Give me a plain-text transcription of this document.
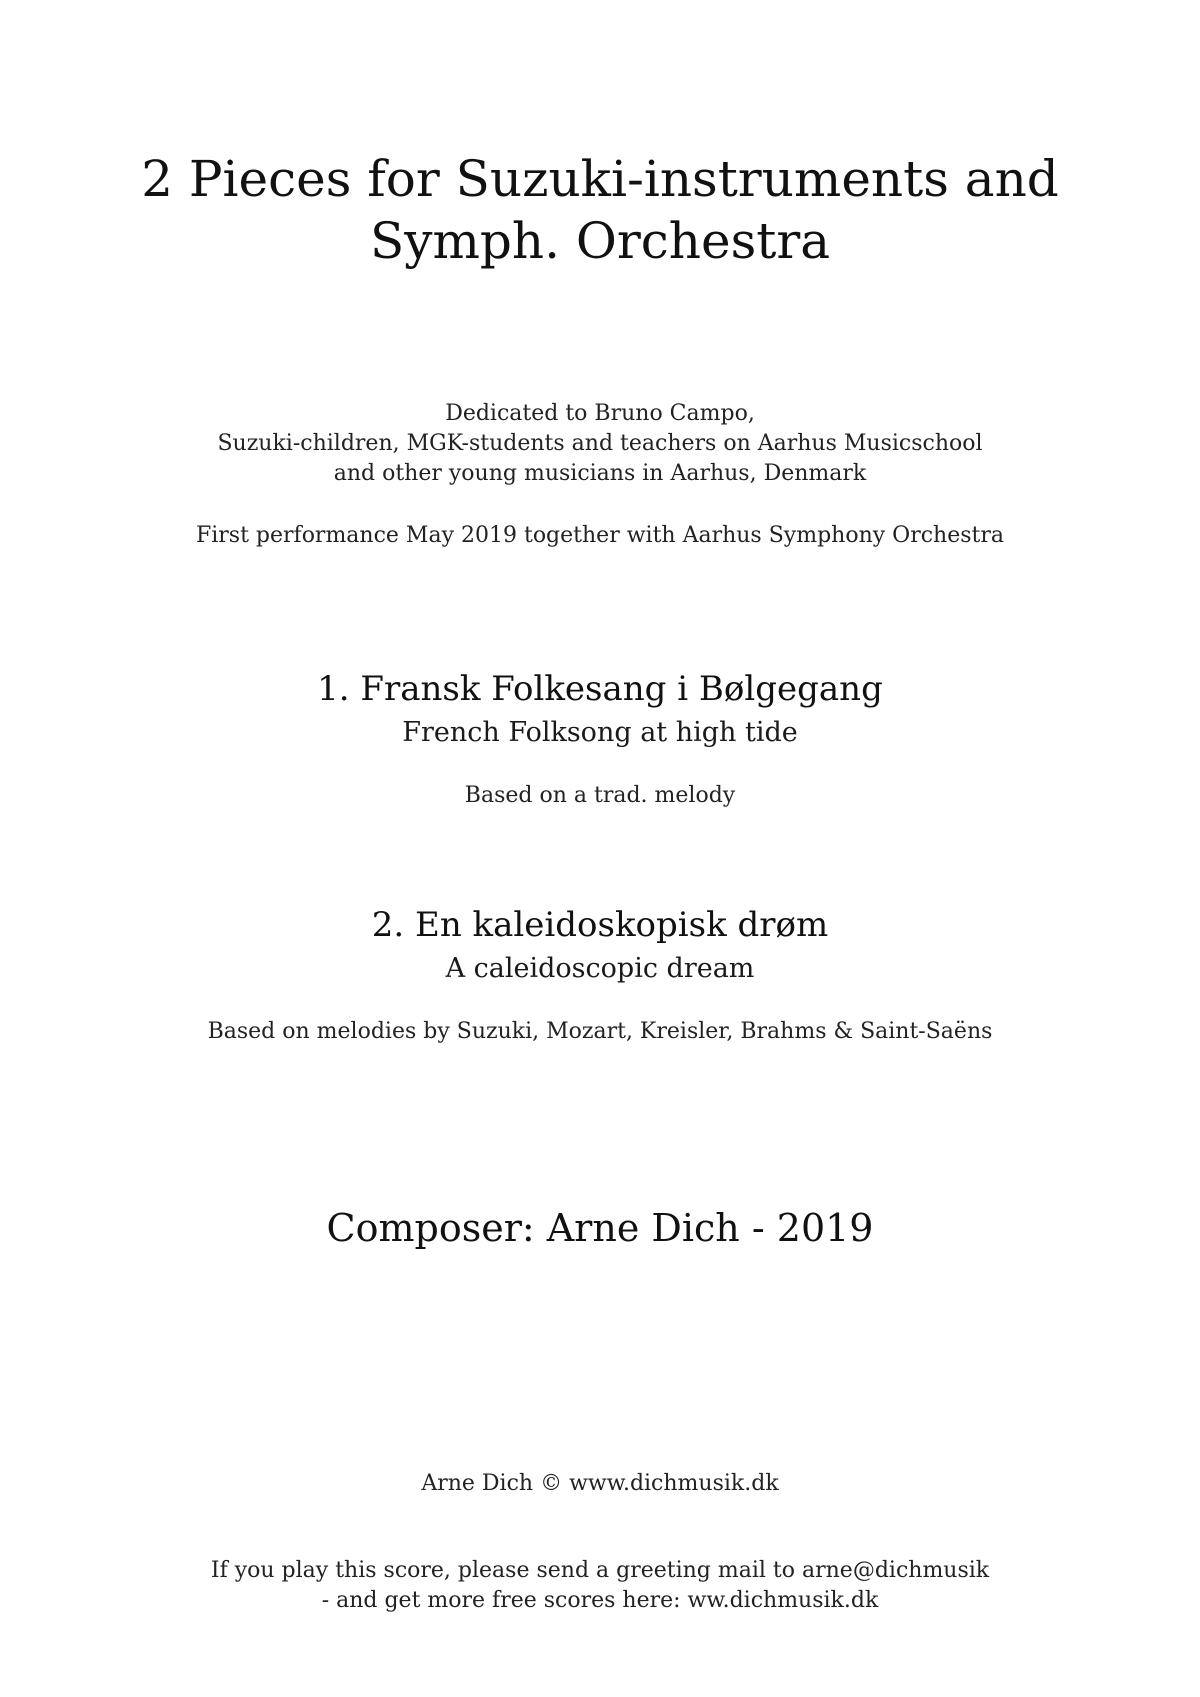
2 Pieces for Suzuki-instruments and
Symph. Orchestra
Dedicated to Bruno Campo,
Suzuki-children, MGK-students and teachers on Aarhus Musicschool
and other young musicians in Aarhus, Denmark
First performance May 2019 together with Aarhus Symphony Orchestra
1. Fransk Folkesang i Bølgegang
French Folksong at high tide
Based on a trad. melody
2. En kaleidoskopisk drøm
A caleidoscopic dream
Based on melodies by Suzuki, Mozart, Kreisler, Brahms & Saint-Saëns
Composer: Arne Dich - 2019
Arne Dich © www.dichmusik.dk
If you play this score, please send a greeting mail to arne@dichmusik
- and get more free scores here: ww.dichmusik.dk
